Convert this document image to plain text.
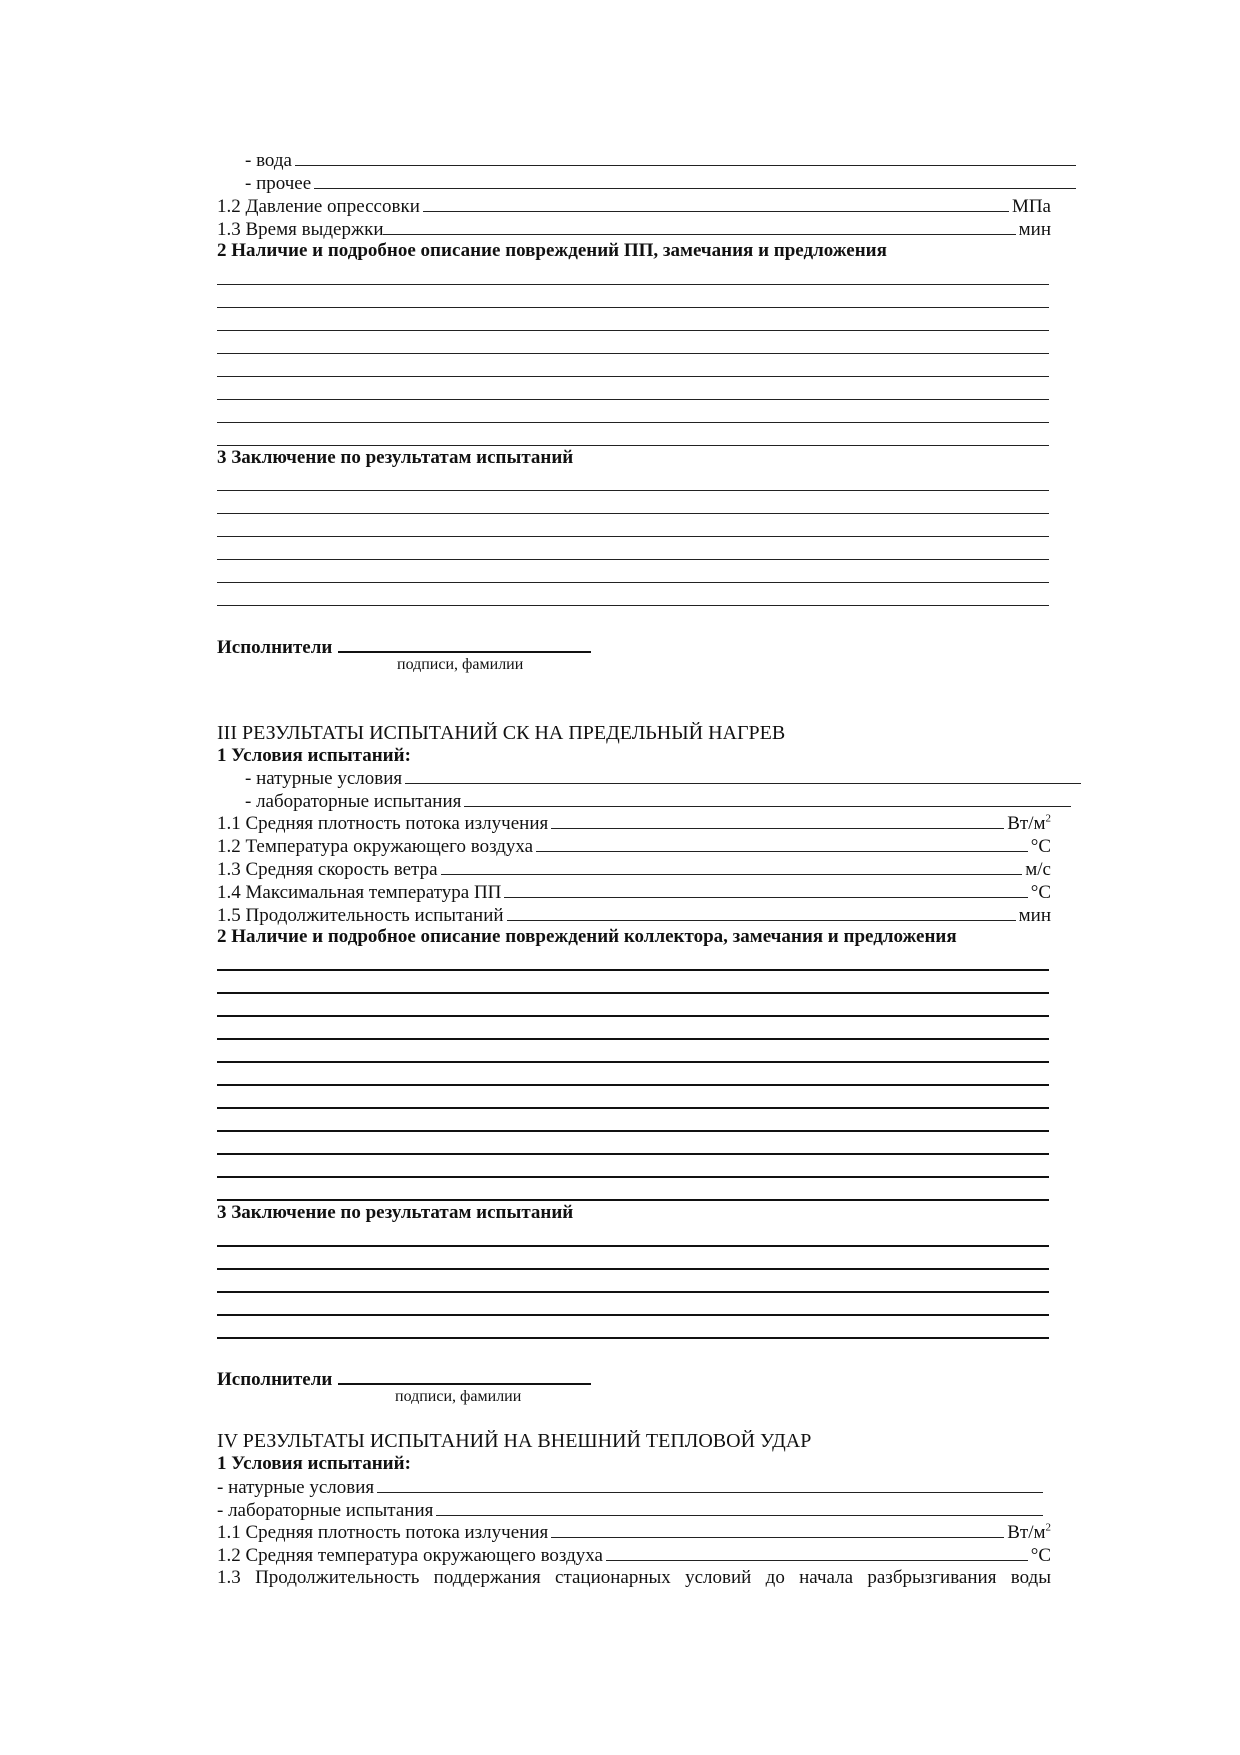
- вода
- прочее
1.2 Давление опрессовки	МПа
1.3 Время выдержки	мин
2 Наличие и подробное описание повреждений ПП, замечания и предложения
3 Заключение по результатам испытаний
Исполнители
подписи, фамилии
III РЕЗУЛЬТАТЫ ИСПЫТАНИЙ СК НА ПРЕДЕЛЬНЫЙ НАГРЕВ
1 Условия испытаний:
- натурные условия
- лабораторные испытания
1.1 Средняя плотность потока излучения	$Вт/м^2$
1.2 Температура окружающего воздуха	°С
1.3 Средняя скорость ветра	м/с
1.4 Максимальная температура ПП	°С
1.5 Продолжительность испытаний	мин
2 Наличие и подробное описание повреждений коллектора, замечания и предложения
3 Заключение по результатам испытаний
Исполнители
подписи, фамилии
IV РЕЗУЛЬТАТЫ ИСПЫТАНИЙ НА ВНЕШНИЙ ТЕПЛОВОЙ УДАР
1 Условия испытаний:
- натурные условия
- лабораторные испытания
1.1 Средняя плотность потока излучения	$Вт/м^2$
1.2 Средняя температура окружающего воздуха	°С
1.3 Продолжительность поддержания стационарных условий до начала разбрызгивания воды
